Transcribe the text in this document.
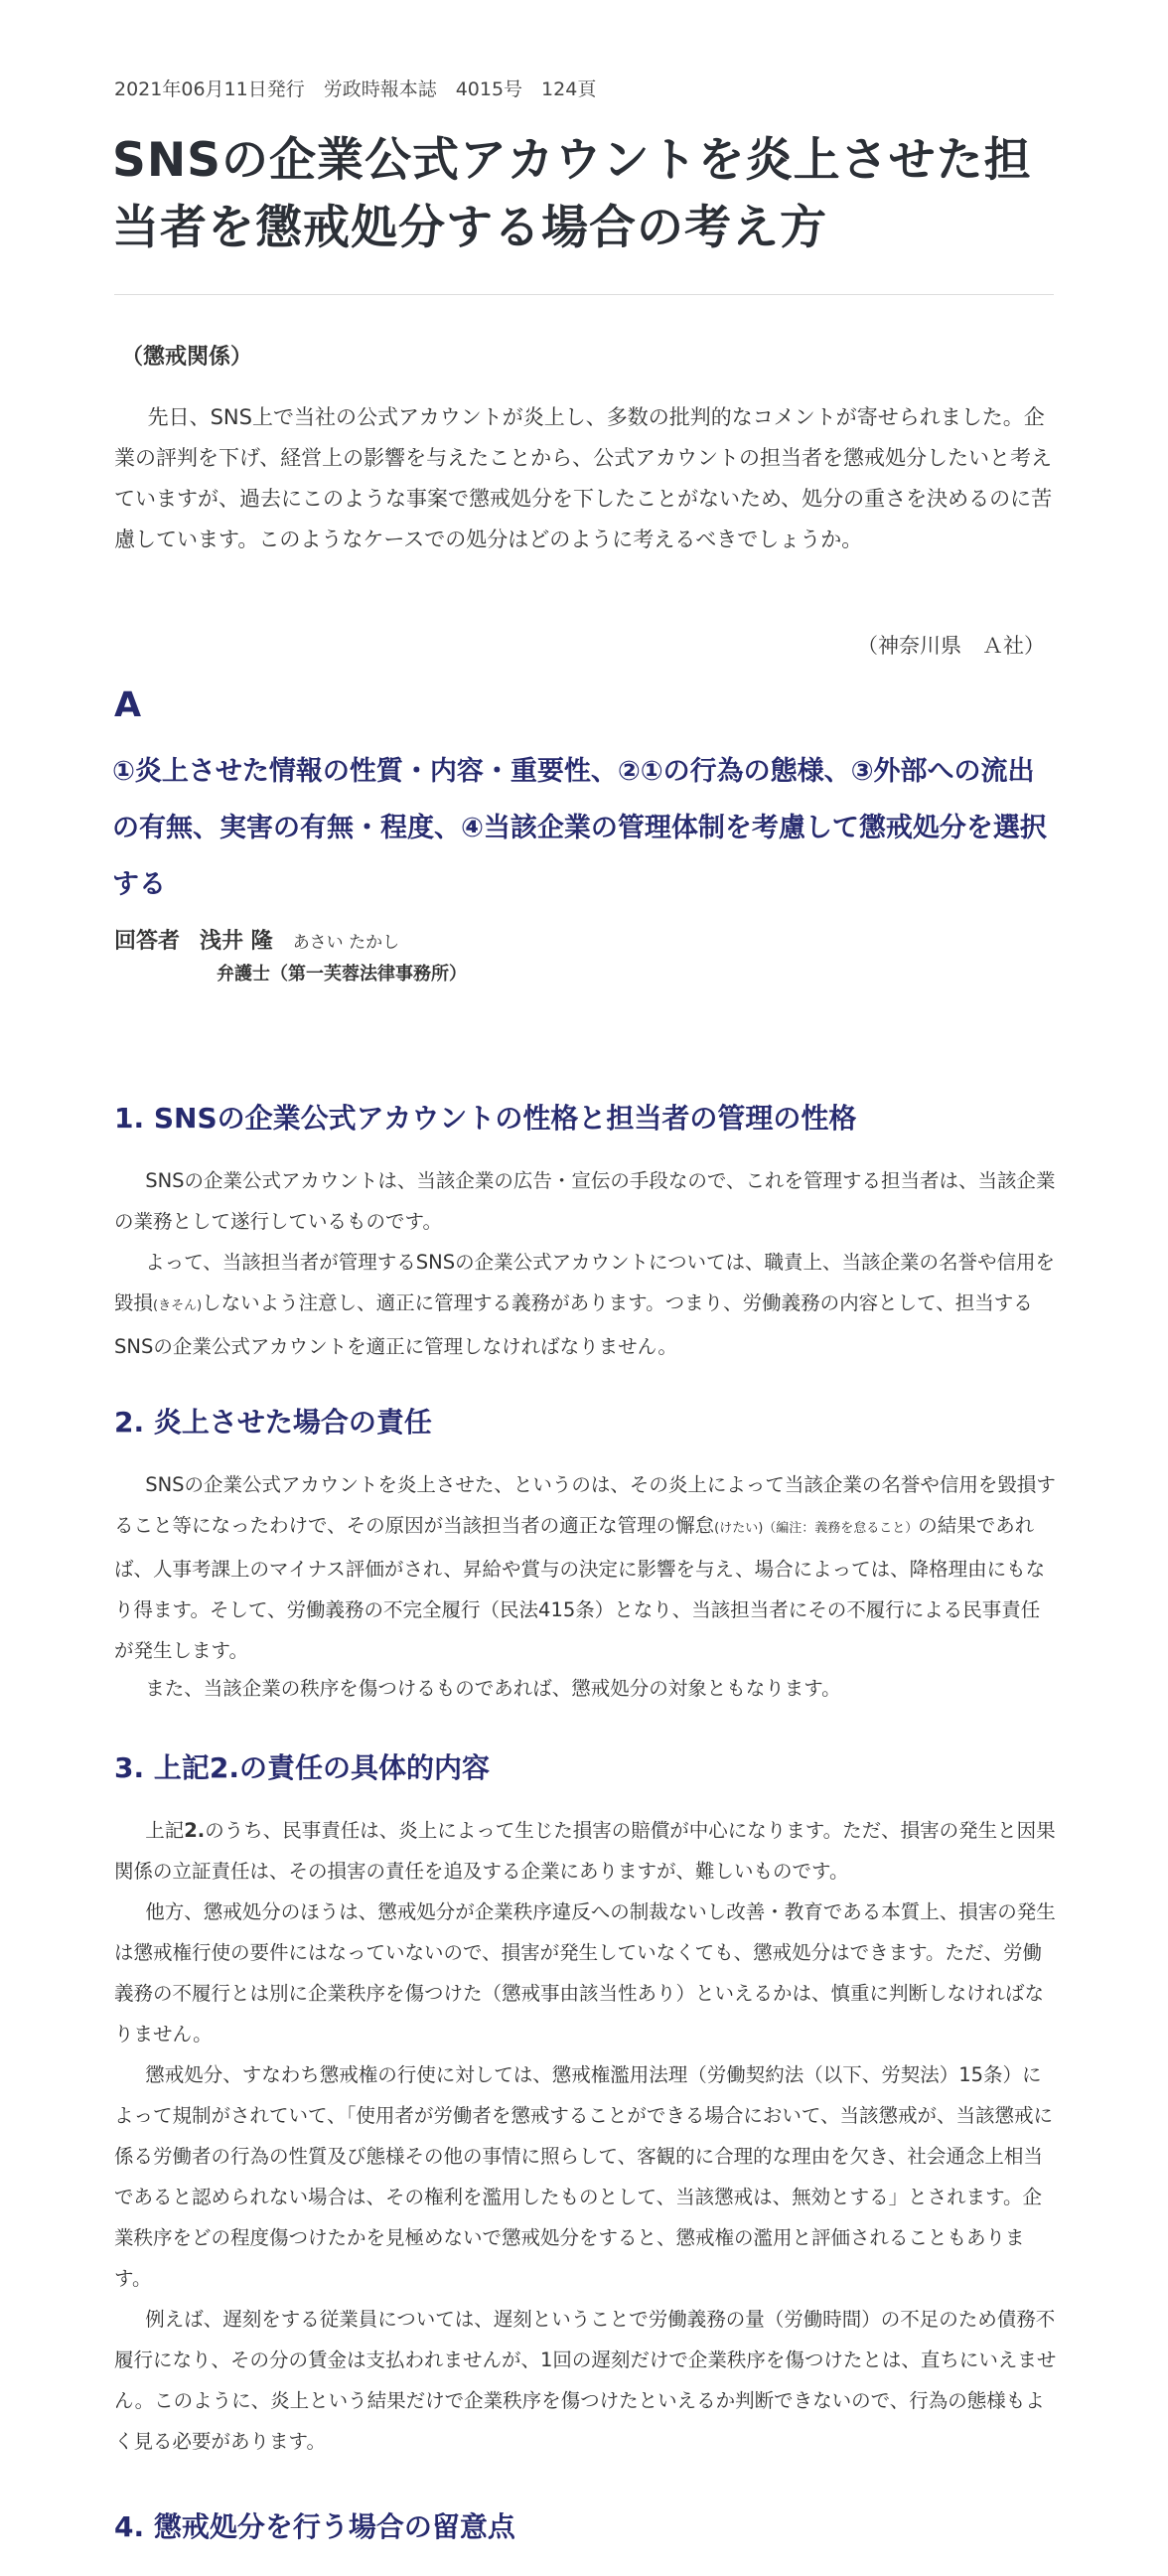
2021年06月11日発行　労政時報本誌　4015号　124頁
SNSの企業公式アカウントを炎上させた担当者を懲戒処分する場合の考え方
（懲戒関係）

先日、SNS上で当社の公式アカウントが炎上し、多数の批判的なコメントが寄せられました。企業の評判を下げ、経営上の影響を与えたことから、公式アカウントの担当者を懲戒処分したいと考えていますが、過去にこのような事案で懲戒処分を下したことがないため、処分の重さを決めるのに苦慮しています。このようなケースでの処分はどのように考えるべきでしょうか。

（神奈川県　Ａ社）
A

①炎上させた情報の性質・内容・重要性、②①の行為の態様、③外部への流出の有無、実害の有無・程度、④当該企業の管理体制を考慮して懲戒処分を選択する

回答者 浅井 隆 あさい たかし
弁護士（第一芙蓉法律事務所）
1. SNSの企業公式アカウントの性格と担当者の管理の性格

SNSの企業公式アカウントは、当該企業の広告・宣伝の手段なので、これを管理する担当者は、当該企業の業務として遂行しているものです。

よって、当該担当者が管理するSNSの企業公式アカウントについては、職責上、当該企業の名誉や信用を毀損(きそん)しないよう注意し、適正に管理する義務があります。つまり、労働義務の内容として、担当するSNSの企業公式アカウントを適正に管理しなければなりません。

2. 炎上させた場合の責任

SNSの企業公式アカウントを炎上させた、というのは、その炎上によって当該企業の名誉や信用を毀損すること等になったわけで、その原因が当該担当者の適正な管理の懈怠(けたい)（編注：義務を怠ること）の結果であれば、人事考課上のマイナス評価がされ、昇給や賞与の決定に影響を与え、場合によっては、降格理由にもなり得ます。そして、労働義務の不完全履行（民法415条）となり、当該担当者にその不履行による民事責任が発生します。

また、当該企業の秩序を傷つけるものであれば、懲戒処分の対象ともなります。

3. 上記2.の責任の具体的内容

上記2.のうち、民事責任は、炎上によって生じた損害の賠償が中心になります。ただ、損害の発生と因果関係の立証責任は、その損害の責任を追及する企業にありますが、難しいものです。

他方、懲戒処分のほうは、懲戒処分が企業秩序違反への制裁ないし改善・教育である本質上、損害の発生は懲戒権行使の要件にはなっていないので、損害が発生していなくても、懲戒処分はできます。ただ、労働義務の不履行とは別に企業秩序を傷つけた（懲戒事由該当性あり）といえるかは、慎重に判断しなければなりません。

懲戒処分、すなわち懲戒権の行使に対しては、懲戒権濫用法理（労働契約法（以下、労契法）15条）によって規制がされていて、「使用者が労働者を懲戒することができる場合において、当該懲戒が、当該懲戒に係る労働者の行為の性質及び態様その他の事情に照らして、客観的に合理的な理由を欠き、社会通念上相当であると認められない場合は、その権利を濫用したものとして、当該懲戒は、無効とする」とされます。企業秩序をどの程度傷つけたかを見極めないで懲戒処分をすると、懲戒権の濫用と評価されることもあります。

例えば、遅刻をする従業員については、遅刻ということで労働義務の量（労働時間）の不足のため債務不履行になり、その分の賃金は支払われませんが、1回の遅刻だけで企業秩序を傷つけたとは、直ちにいえません。このように、炎上という結果だけで企業秩序を傷つけたといえるか判断できないので、行為の態様もよく見る必要があります。

4. 懲戒処分を行う場合の留意点
